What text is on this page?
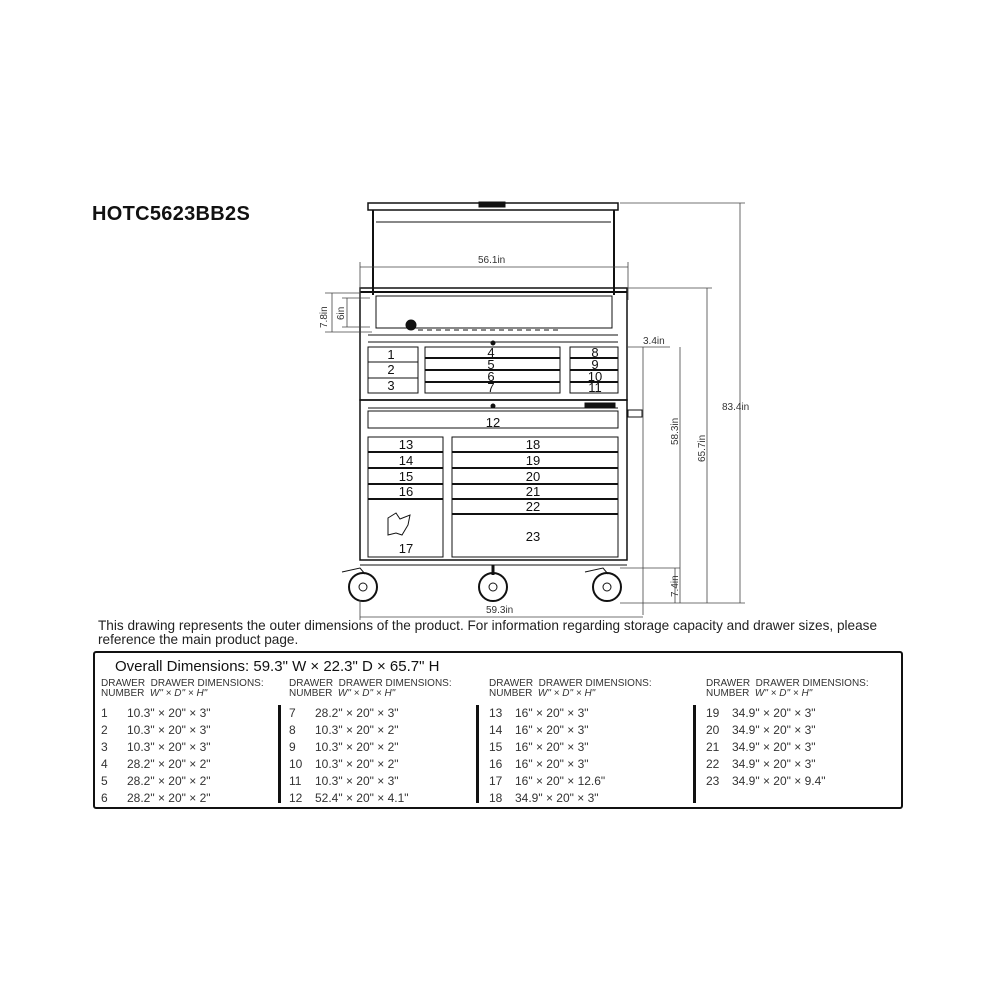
HOTC5623BB2S
56.1in
7.8in 6in
3.4in
58.3in
65.7in
83.4in
7.4in
59.3in
1
2
3
4
5
6
7
8
9
10
11
12
13
14
15
16
17
18
19
20
21
22
23
This drawing represents the outer dimensions of the product. For information regarding storage capacity and drawer sizes, please reference the main product page.
Overall Dimensions: 59.3" W × 22.3" D × 65.7" H
DRAWER DRAWER DIMENSIONS:
NUMBER W" × D" × H"
1 10.3" × 20" × 3"
2 10.3" × 20" × 3"
3 10.3" × 20" × 3"
4 28.2" × 20" × 2"
5 28.2" × 20" × 2"
6 28.2" × 20" × 2"
DRAWER DRAWER DIMENSIONS:
NUMBER W" × D" × H"
7 28.2" × 20" × 3"
8 10.3" × 20" × 2"
9 10.3" × 20" × 2"
10 10.3" × 20" × 2"
11 10.3" × 20" × 3"
12 52.4" × 20" × 4.1"
DRAWER DRAWER DIMENSIONS:
NUMBER W" × D" × H"
13 16" × 20" × 3"
14 16" × 20" × 3"
15 16" × 20" × 3"
16 16" × 20" × 3"
17 16" × 20" × 12.6"
18 34.9" × 20" × 3"
DRAWER DRAWER DIMENSIONS:
NUMBER W" × D" × H"
19 34.9" × 20" × 3"
20 34.9" × 20" × 3"
21 34.9" × 20" × 3"
22 34.9" × 20" × 3"
23 34.9" × 20" × 9.4"
